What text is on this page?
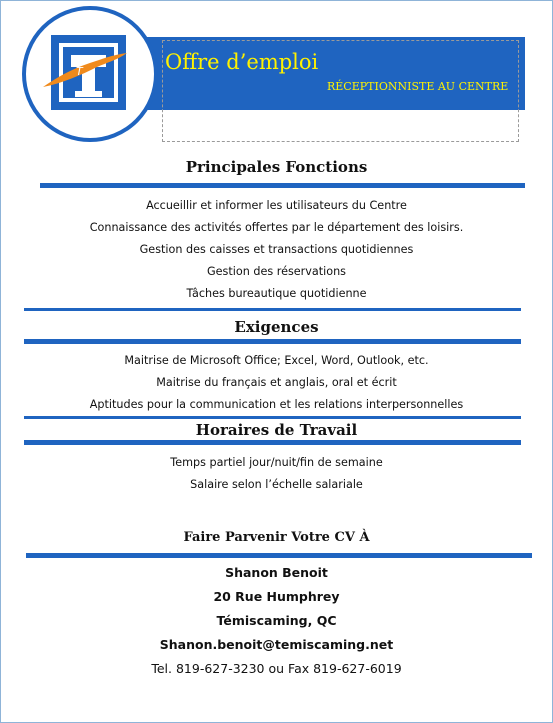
Offre d’emploi
RÉCEPTIONNISTE AU CENTRE
T
Principales Fonctions
Accueillir et informer les utilisateurs du Centre
Connaissance des activités offertes par le département des loisirs.
Gestion des caisses et transactions quotidiennes
Gestion des réservations
Tâches bureautique quotidienne
Exigences
Maitrise de Microsoft Office; Excel, Word, Outlook, etc.
Maitrise du français et anglais, oral et écrit
Aptitudes pour la communication et les relations interpersonnelles
Horaires de Travail
Temps partiel jour/nuit/fin de semaine
Salaire selon l’échelle salariale
Faire Parvenir Votre CV À
Shanon Benoit
20 Rue Humphrey
Témiscaming, QC
Shanon.benoit@temiscaming.net
Tel. 819-627-3230 ou Fax 819-627-6019
